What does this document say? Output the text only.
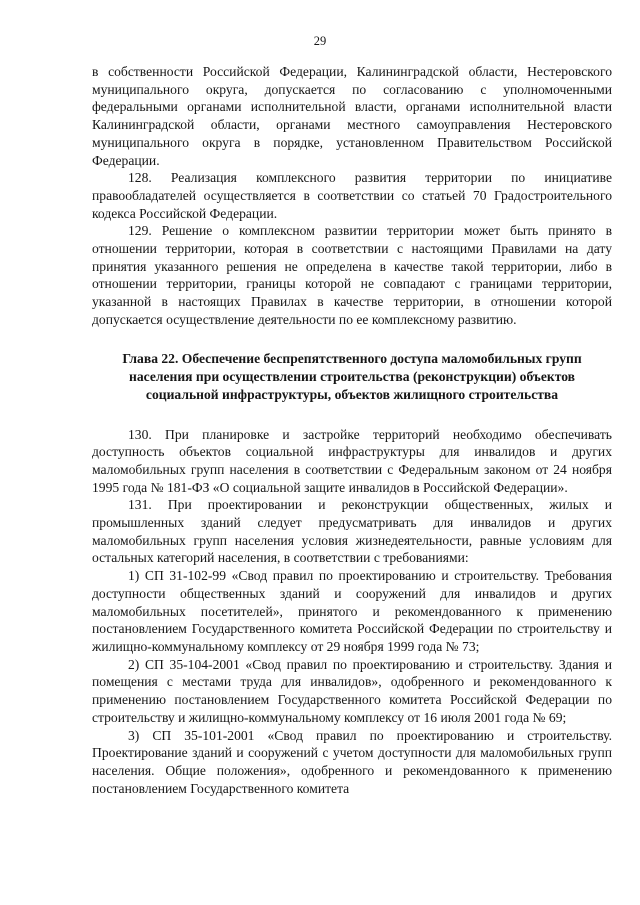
29

в собственности Российской Федерации, Калининградской области, Нестеровского муниципального округа, допускается по согласованию с уполномоченными федеральными органами исполнительной власти, органами исполнительной власти Калининградской области, органами местного самоуправления Нестеровского муниципального округа в порядке, установленном Правительством Российской Федерации.

128. Реализация комплексного развития территории по инициативе правообладателей осуществляется в соответствии со статьей 70 Градостроительного кодекса Российской Федерации.

129. Решение о комплексном развитии территории может быть принято в отношении территории, которая в соответствии с настоящими Правилами на дату принятия указанного решения не определена в качестве такой территории, либо в отношении территории, границы которой не совпадают с границами территории, указанной в настоящих Правилах в качестве территории, в отношении которой допускается осуществление деятельности по ее комплексному развитию.

Глава 22. Обеспечение беспрепятственного доступа маломобильных групп населения при осуществлении строительства (реконструкции) объектов социальной инфраструктуры, объектов жилищного строительства

130. При планировке и застройке территорий необходимо обеспечивать доступность объектов социальной инфраструктуры для инвалидов и других маломобильных групп населения в соответствии с Федеральным законом от 24 ноября 1995 года № 181-ФЗ «О социальной защите инвалидов в Российской Федерации».

131. При проектировании и реконструкции общественных, жилых и промышленных зданий следует предусматривать для инвалидов и других маломобильных групп населения условия жизнедеятельности, равные условиям для остальных категорий населения, в соответствии с требованиями:

1) СП 31-102-99 «Свод правил по проектированию и строительству. Требования доступности общественных зданий и сооружений для инвалидов и других маломобильных посетителей», принятого и рекомендованного к применению постановлением Государственного комитета Российской Федерации по строительству и жилищно-коммунальному комплексу от 29 ноября 1999 года № 73;

2) СП 35-104-2001 «Свод правил по проектированию и строительству. Здания и помещения с местами труда для инвалидов», одобренного и рекомендованного к применению постановлением Государственного комитета Российской Федерации по строительству и жилищно-коммунальному комплексу от 16 июля 2001 года № 69;

3) СП 35-101-2001 «Свод правил по проектированию и строительству. Проектирование зданий и сооружений с учетом доступности для маломобильных групп населения. Общие положения», одобренного и рекомендованного к применению постановлением Государственного комитета
